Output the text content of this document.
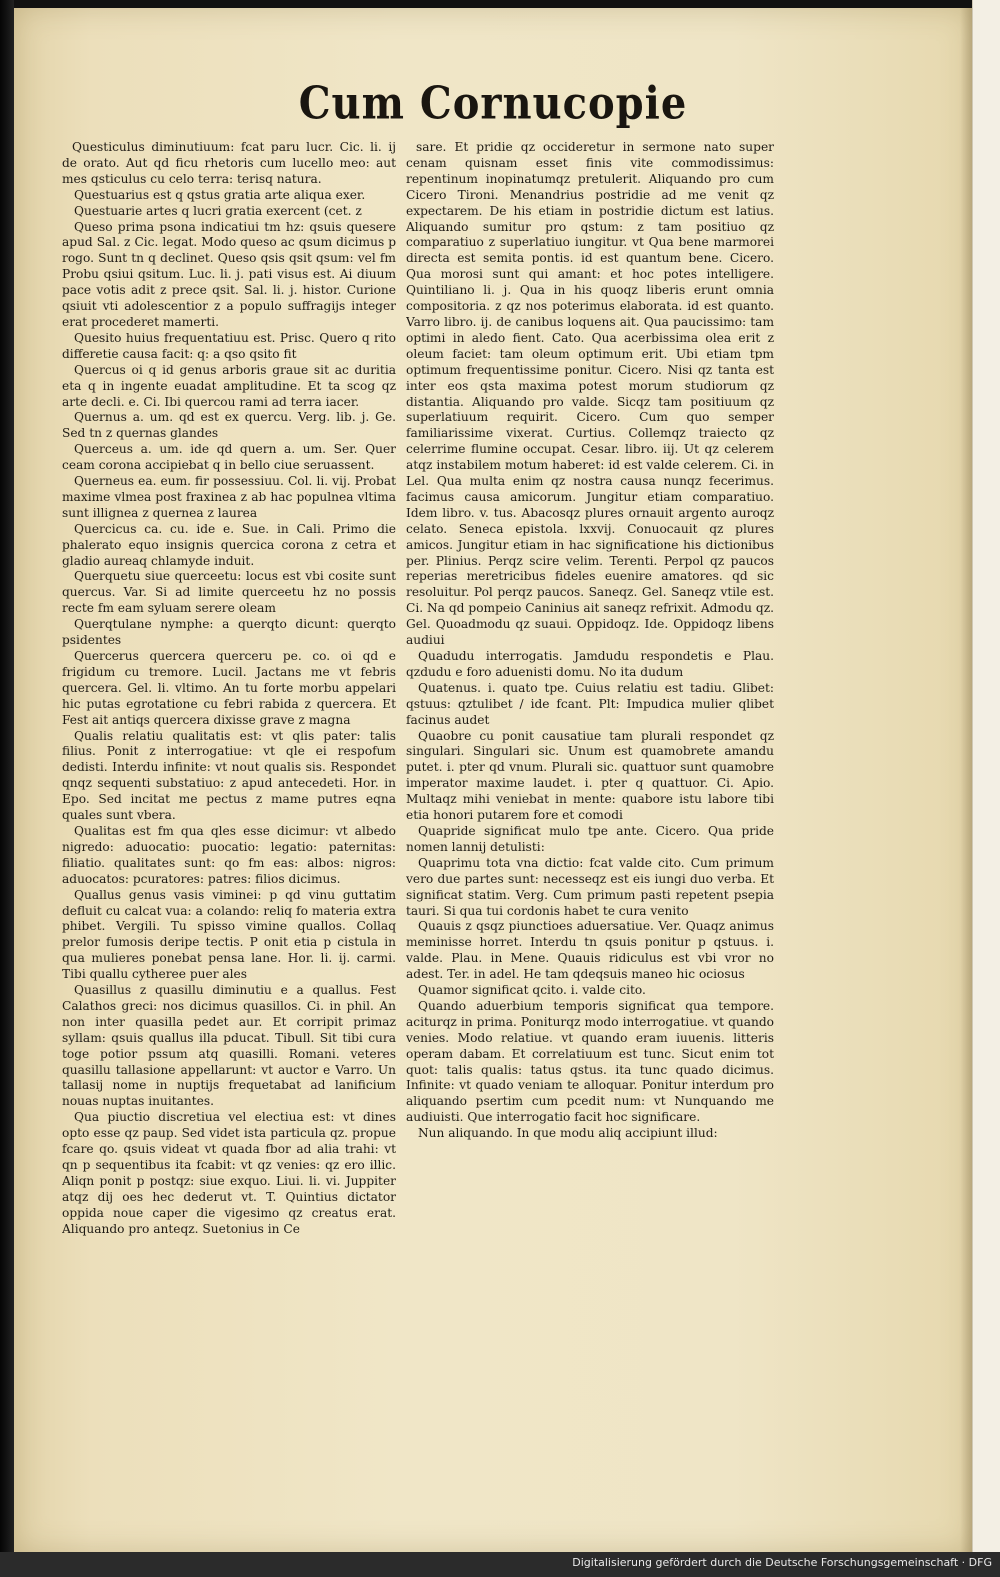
Cum Cornucopie

Questiculus diminutiuum: fcat paru lucr. Cic. li. ij de orato. Aut qd ficu rhetoris cum lucello meo: aut mes qsticulus cu celo terra: terisq natura.

Questuarius est q qstus gratia arte aliqua exer.

Questuarie artes q lucri gratia exercent (cet. z

Queso prima psona indicatiui tm hz: qsuis quesere apud Sal. z Cic. legat. Modo queso ac qsum dicimus p rogo. Sunt tn q declinet. Queso qsis qsit qsum: vel fm Probu qsiui qsitum. Luc. li. j. pati visus est. Ai diuum pace votis adit z prece qsit. Sal. li. j. histor. Curione qsiuit vti adolescentior z a populo suffragijs integer erat procederet mamerti.

Quesito huius frequentatiuu est. Prisc. Quero q rito differetie causa facit: q: a qso qsito fit

Quercus oi q id genus arboris graue sit ac duritia eta q in ingente euadat amplitudine. Et ta scog qz arte decli. e. Ci. Ibi quercou rami ad terra iacer.

Quernus a. um. qd est ex quercu. Verg. lib. j. Ge. Sed tn z quernas glandes

Querceus a. um. ide qd quern a. um. Ser. Quer ceam corona accipiebat q in bello ciue seruassent.

Querneus ea. eum. fir possessiuu. Col. li. vij. Probat maxime vlmea post fraxinea z ab hac populnea vltima sunt illignea z quernea z laurea

Quercicus ca. cu. ide e. Sue. in Cali. Primo die phalerato equo insignis quercica corona z cetra et gladio aureaq chlamyde induit.

Querquetu siue querceetu: locus est vbi cosite sunt quercus. Var. Si ad limite querceetu hz no possis recte fm eam syluam serere oleam

Querqtulane nymphe: a querqto dicunt: querqto psidentes

Quercerus quercera querceru pe. co. oi qd e frigidum cu tremore. Lucil. Jactans me vt febris quercera. Gel. li. vltimo. An tu forte morbu appelari hic putas egrotatione cu febri rabida z quercera. Et Fest ait antiqs quercera dixisse grave z magna

Qualis relatiu qualitatis est: vt qlis pater: talis filius. Ponit z interrogatiue: vt qle ei respofum dedisti. Interdu infinite: vt nout qualis sis. Respondet qnqz sequenti substatiuo: z apud antecedeti. Hor. in Epo. Sed incitat me pectus z mame putres eqna quales sunt vbera.

Qualitas est fm qua qles esse dicimur: vt albedo nigredo: aduocatio: puocatio: legatio: paternitas: filiatio. qualitates sunt: qo fm eas: albos: nigros: aduocatos: pcuratores: patres: filios dicimus.

Quallus genus vasis viminei: p qd vinu guttatim defluit cu calcat vua: a colando: reliq fo materia extra phibet. Vergili. Tu spisso vimine quallos. Collaq prelor fumosis deripe tectis. P onit etia p cistula in qua mulieres ponebat pensa lane. Hor. li. ij. carmi. Tibi quallu cytheree puer ales

Quasillus z quasillu diminutiu e a quallus. Fest Calathos greci: nos dicimus quasillos. Ci. in phil. An non inter quasilla pedet aur. Et corripit primaz syllam: qsuis quallus illa pducat. Tibull. Sit tibi cura toge potior pssum atq quasilli. Romani. veteres quasillu tallasione appellarunt: vt auctor e Varro. Un tallasij nome in nuptijs frequetabat ad lanificium nouas nuptas inuitantes.

Qua piuctio discretiua vel electiua est: vt dines opto esse qz paup. Sed videt ista particula qz. propue fcare qo. qsuis videat vt quada fbor ad alia trahi: vt qn p sequentibus ita fcabit: vt qz venies: qz ero illic. Aliqn ponit p postqz: siue exquo. Liui. li. vi. Juppiter atqz dij oes hec dederut vt. T. Quintius dictator oppida noue caper die vigesimo qz creatus erat. Aliquando pro anteqz. Suetonius in Ce

sare. Et pridie qz occideretur in sermone nato super cenam quisnam esset finis vite commodissimus: repentinum inopinatumqz pretulerit. Aliquando pro cum Cicero Tironi. Menandrius postridie ad me venit qz expectarem. De his etiam in postridie dictum est latius. Aliquando sumitur pro qstum: z tam positiuo qz comparatiuo z superlatiuo iungitur. vt Qua bene marmorei directa est semita pontis. id est quantum bene. Cicero. Qua morosi sunt qui amant: et hoc potes intelligere. Quintiliano li. j. Qua in his quoqz liberis erunt omnia compositoria. z qz nos poterimus elaborata. id est quanto. Varro libro. ij. de canibus loquens ait. Qua paucissimo: tam optimi in aledo fient. Cato. Qua acerbissima olea erit z oleum faciet: tam oleum optimum erit. Ubi etiam tpm optimum frequentissime ponitur. Cicero. Nisi qz tanta est inter eos qsta maxima potest morum studiorum qz distantia. Aliquando pro valde. Sicqz tam positiuum qz superlatiuum requirit. Cicero. Cum quo semper familiarissime vixerat. Curtius. Collemqz traiecto qz celerrime flumine occupat. Cesar. libro. iij. Ut qz celerem atqz instabilem motum haberet: id est valde celerem. Ci. in Lel. Qua multa enim qz nostra causa nunqz fecerimus. facimus causa amicorum. Jungitur etiam comparatiuo. Idem libro. v. tus. Abacosqz plures ornauit argento auroqz celato. Seneca epistola. lxxvij. Conuocauit qz plures amicos. Jungitur etiam in hac significatione his dictionibus per. Plinius. Perqz scire velim. Terenti. Perpol qz paucos reperias meretricibus fideles euenire amatores. qd sic resoluitur. Pol perqz paucos. Saneqz. Gel. Saneqz vtile est. Ci. Na qd pompeio Caninius ait saneqz refrixit. Admodu qz. Gel. Quoadmodu qz suaui. Oppidoqz. Ide. Oppidoqz libens audiui

Quadudu interrogatis. Jamdudu respondetis e Plau. qzdudu e foro aduenisti domu. No ita dudum

Quatenus. i. quato tpe. Cuius relatiu est tadiu. Glibet: qstuus: qztulibet / ide fcant. Plt: Impudica mulier qlibet facinus audet

Quaobre cu ponit causatiue tam plurali respondet qz singulari. Singulari sic. Unum est quamobrete amandu putet. i. pter qd vnum. Plurali sic. quattuor sunt quamobre imperator maxime laudet. i. pter q quattuor. Ci. Apio. Multaqz mihi veniebat in mente: quabore istu labore tibi etia honori putarem fore et comodi

Quapride significat mulo tpe ante. Cicero. Qua pride nomen lannij detulisti:

Quaprimu tota vna dictio: fcat valde cito. Cum primum vero due partes sunt: necesseqz est eis iungi duo verba. Et significat statim. Verg. Cum primum pasti repetent psepia tauri. Si qua tui cordonis habet te cura venito

Quauis z qsqz piunctioes aduersatiue. Ver. Quaqz animus meminisse horret. Interdu tn qsuis ponitur p qstuus. i. valde. Plau. in Mene. Quauis ridiculus est vbi vror no adest. Ter. in adel. He tam qdeqsuis maneo hic ociosus

Quamor significat qcito. i. valde cito.

Quando aduerbium temporis significat qua tempore. aciturqz in prima. Poniturqz modo interrogatiue. vt quando venies. Modo relatiue. vt quando eram iuuenis. litteris operam dabam. Et correlatiuum est tunc. Sicut enim tot quot: talis qualis: tatus qstus. ita tunc quado dicimus. Infinite: vt quado veniam te alloquar. Ponitur interdum pro aliquando psertim cum pcedit num: vt Nunquando me audiuisti. Que interrogatio facit hoc significare.

Nun aliquando. In que modu aliq accipiunt illud:

Digitalisierung gefördert durch die Deutsche Forschungsgemeinschaft · DFG
